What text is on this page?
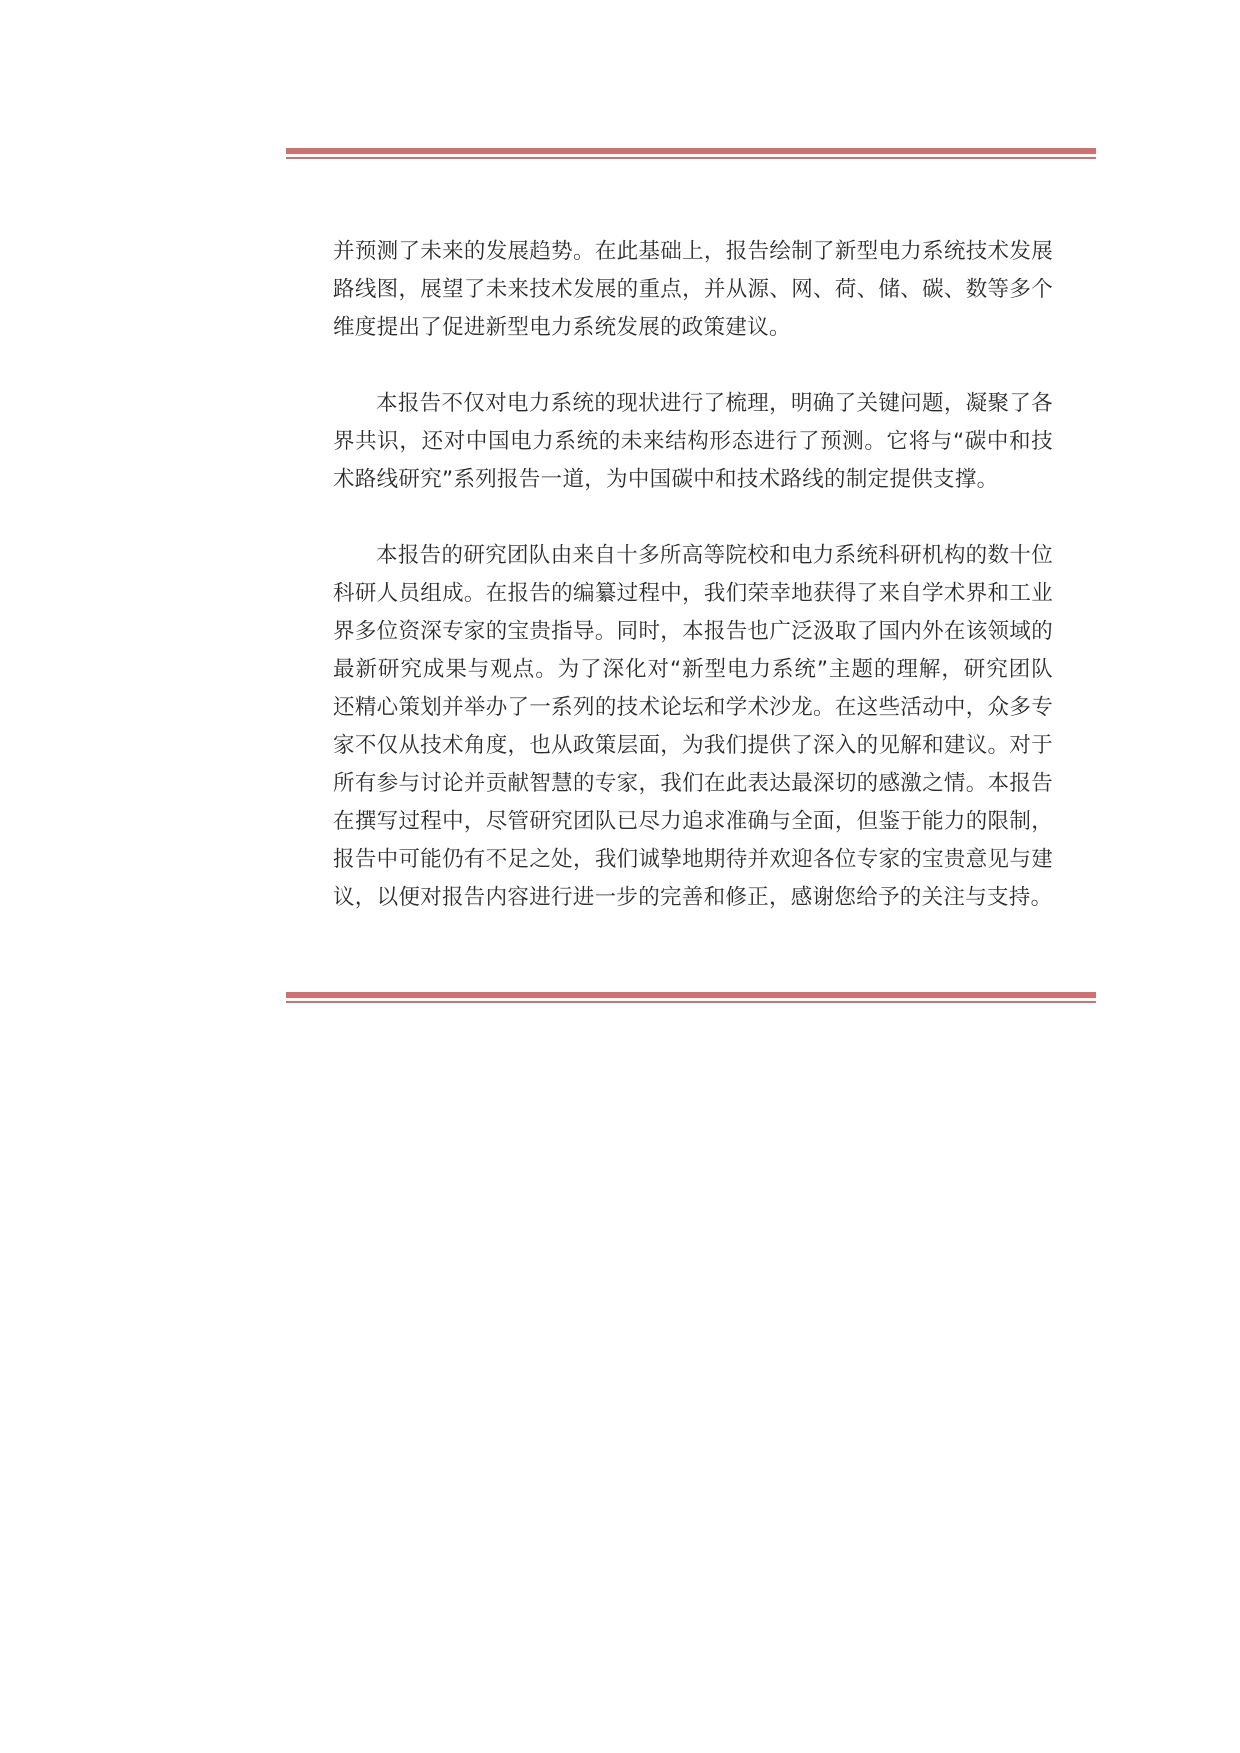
并预测了未来的发展趋势。在此基础上，报告绘制了新型电力系统技术发展路线图，展望了未来技术发展的重点，并从源、网、荷、储、碳、数等多个维度提出了促进新型电力系统发展的政策建议。

本报告不仅对电力系统的现状进行了梳理，明确了关键问题，凝聚了各界共识，还对中国电力系统的未来结构形态进行了预测。它将与“碳中和技术路线研究”系列报告一道，为中国碳中和技术路线的制定提供支撑。

本报告的研究团队由来自十多所高等院校和电力系统科研机构的数十位科研人员组成。在报告的编纂过程中，我们荣幸地获得了来自学术界和工业界多位资深专家的宝贵指导。同时，本报告也广泛汲取了国内外在该领域的最新研究成果与观点。为了深化对“新型电力系统”主题的理解，研究团队还精心策划并举办了一系列的技术论坛和学术沙龙。在这些活动中，众多专家不仅从技术角度，也从政策层面，为我们提供了深入的见解和建议。对于所有参与讨论并贡献智慧的专家，我们在此表达最深切的感激之情。本报告在撰写过程中，尽管研究团队已尽力追求准确与全面，但鉴于能力的限制，报告中可能仍有不足之处，我们诚挚地期待并欢迎各位专家的宝贵意见与建议，以便对报告内容进行进一步的完善和修正，感谢您给予的关注与支持。
